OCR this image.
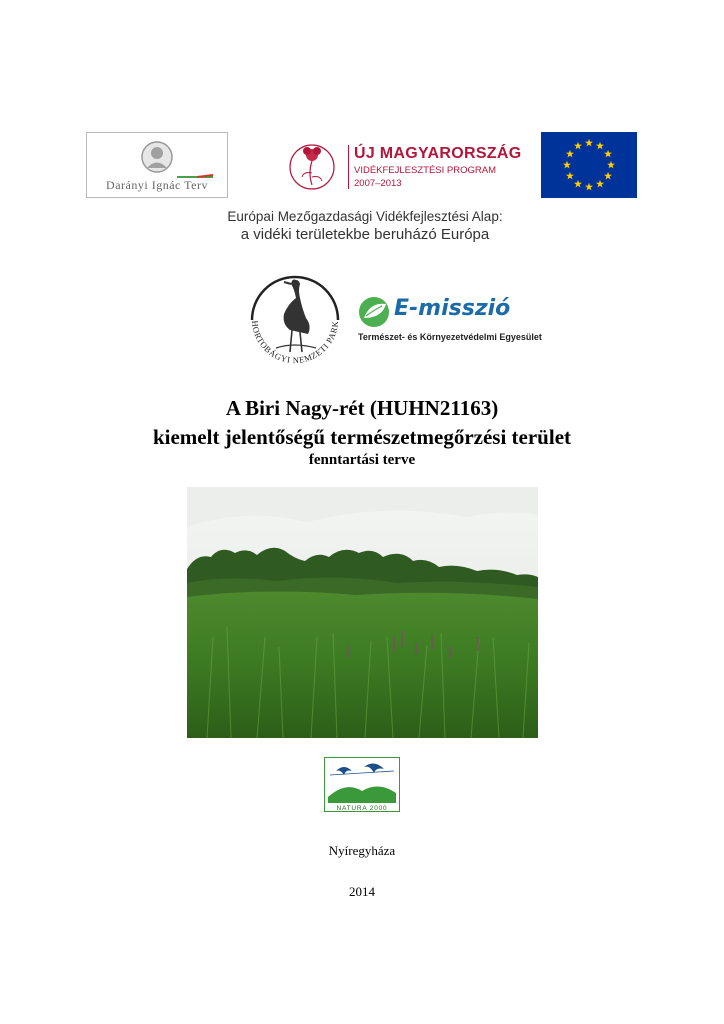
Darányi Ignác Terv
ÚJ MAGYARORSZÁG
VIDÉKFEJLESZTÉSI PROGRAM
2007–2013
Európai Mezőgazdasági Vidékfejlesztési Alap:
a vidéki területekbe beruházó Európa
HORTOBÁGYI NEMZETI PARK
E-misszió
Természet- és Környezetvédelmi Egyesület
A Biri Nagy-rét (HUHN21163)
kiemelt jelentőségű természetmegőrzési terület
fenntartási terve
NATURA 2000
Nyíregyháza
2014
